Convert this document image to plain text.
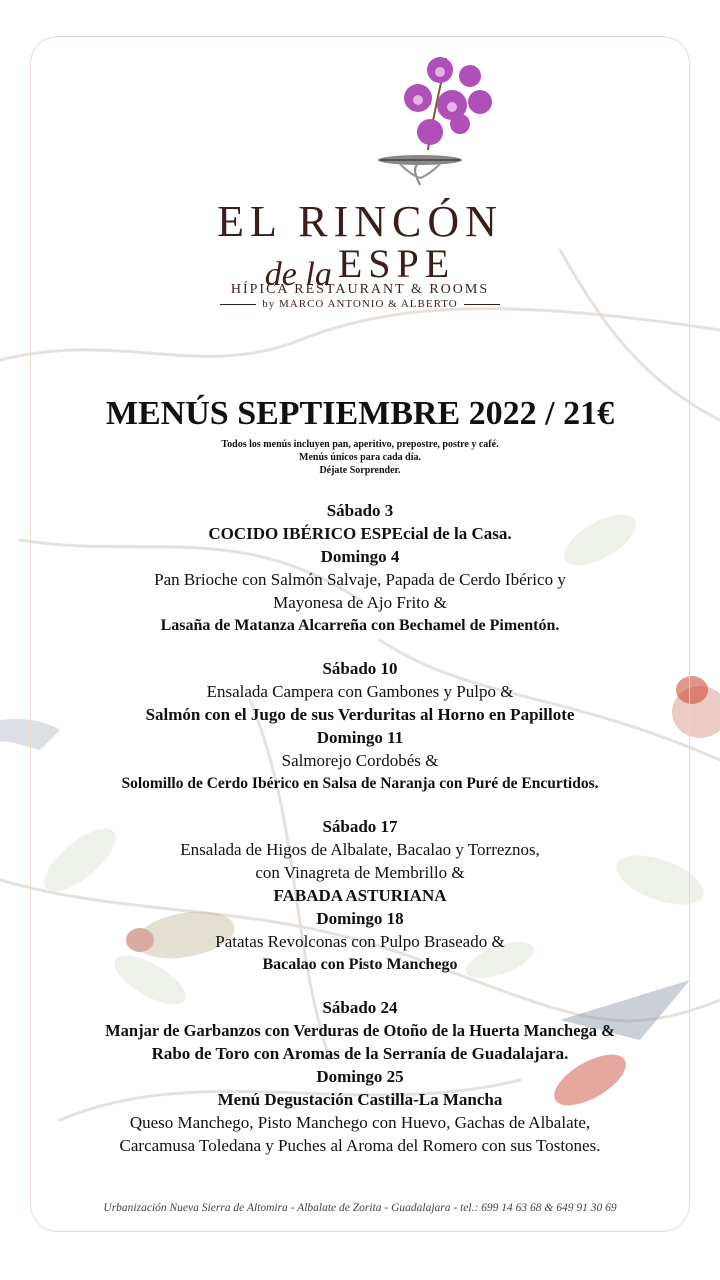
EL RINCÓN
de la ESPE
HÍPICA RESTAURANT & ROOMS
by MARCO ANTONIO & ALBERTO
MENÚS SEPTIEMBRE 2022 / 21€
Todos los menús incluyen pan, aperitivo, prepostre, postre y café.
Menús únicos para cada día.
Déjate Sorprender.
Sábado 3
COCIDO IBÉRICO ESPEcial de la Casa.
Domingo 4
Pan Brioche con Salmón Salvaje, Papada de Cerdo Ibérico y
Mayonesa de Ajo Frito &
Lasaña de Matanza Alcarreña con Bechamel de Pimentón.
Sábado 10
Ensalada Campera con Gambones y Pulpo &
Salmón con el Jugo de sus Verduritas al Horno en Papillote
Domingo 11
Salmorejo Cordobés &
Solomillo de Cerdo Ibérico en Salsa de Naranja con Puré de Encurtidos.
Sábado 17
Ensalada de Higos de Albalate, Bacalao y Torreznos,
con Vinagreta de Membrillo &
FABADA ASTURIANA
Domingo 18
Patatas Revolconas con Pulpo Braseado &
Bacalao con Pisto Manchego
Sábado 24
Manjar de Garbanzos con Verduras de Otoño de la Huerta Manchega &
Rabo de Toro con Aromas de la Serranía de Guadalajara.
Domingo 25
Menú Degustación Castilla-La Mancha
Queso Manchego, Pisto Manchego con Huevo, Gachas de Albalate,
Carcamusa Toledana y Puches al Aroma del Romero con sus Tostones.
Urbanización Nueva Sierra de Altomira - Albalate de Zorita - Guadalajara - tel.: 699 14 63 68 & 649 91 30 69
